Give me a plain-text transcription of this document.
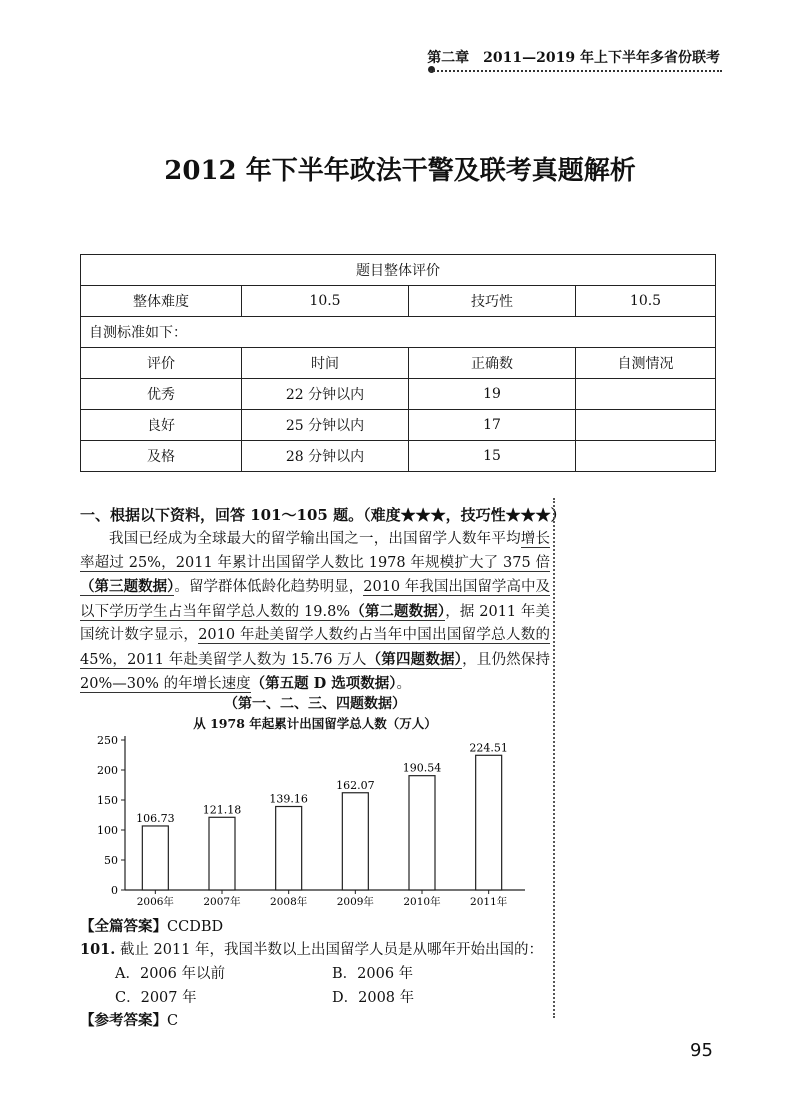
第二章　2011—2019 年上下半年多省份联考
2012 年下半年政法干警及联考真题解析
题目整体评价			
整体难度	10.5	技巧性	10.5
自测标准如下：			
评价	时间	正确数	自测情况
优秀	22 分钟以内	19	
良好	25 分钟以内	17	
及格	28 分钟以内	15	
一、根据以下资料，回答 101～105 题。（难度★★★，技巧性★★★）
我国已经成为全球最大的留学输出国之一，出国留学人数年平均增长率超过 25%，2011 年累计出国留学人数比 1978 年规模扩大了 375 倍（第三题数据）。留学群体低龄化趋势明显，2010 年我国出国留学高中及以下学历学生占当年留学总人数的 19.8%（第二题数据），据 2011 年美国统计数字显示，2010 年赴美留学人数约占当年中国出国留学总人数的 45%，2011 年赴美留学人数为 15.76 万人（第四题数据），且仍然保持20%—30% 的年增长速度（第五题 D 选项数据）。
（第一、二、三、四题数据）
从 1978 年起累计出国留学总人数（万人）
0
50
100
150
200
250
106.73
2006年
121.18
2007年
139.16
2008年
162.07
2009年
190.54
2010年
224.51
2011年
【全篇答案】CCDBD
101. 截止 2011 年，我国半数以上出国留学人员是从哪年开始出国的：
A．2006 年以前	B．2006 年
C．2007 年	D．2008 年
【参考答案】C
95
